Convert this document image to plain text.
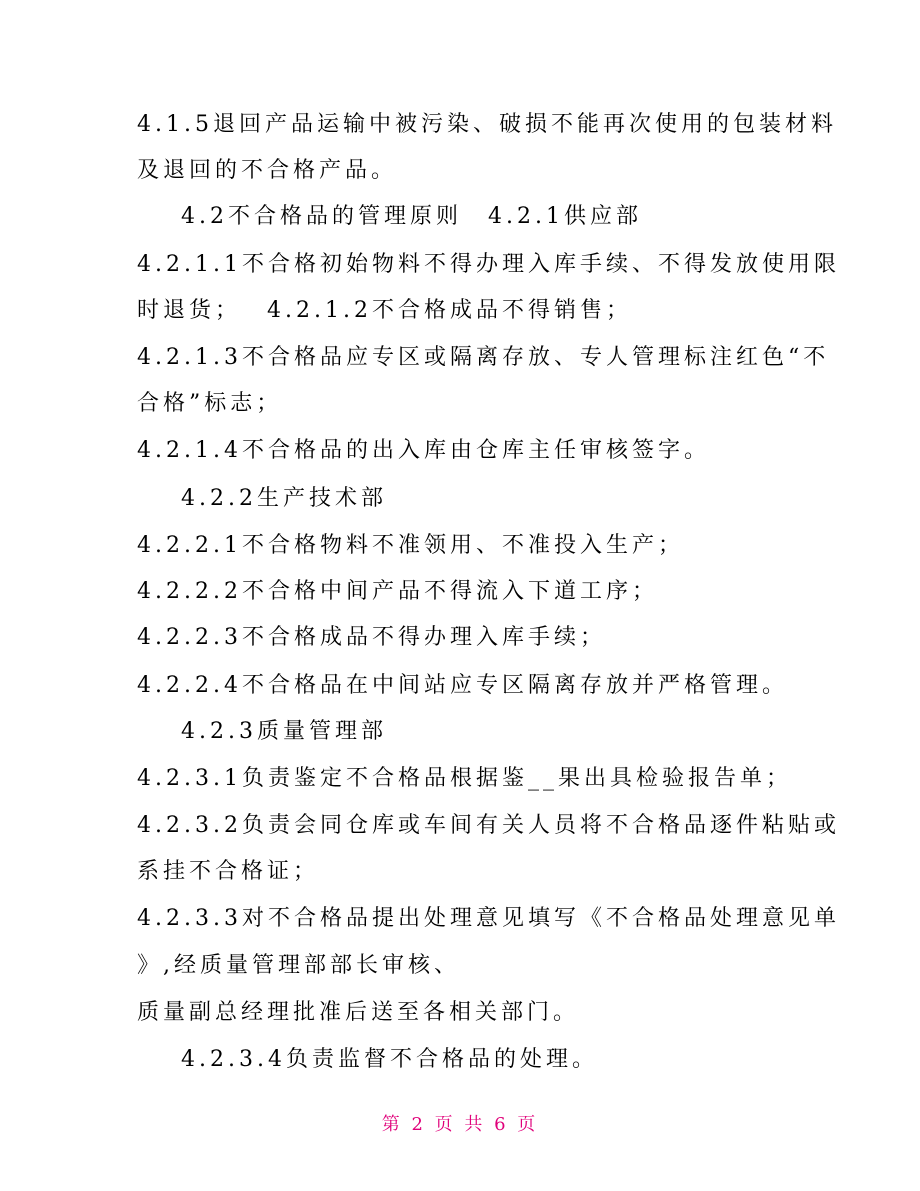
4.1.5退回产品运输中被污染、破损不能再次使用的包装材料
及退回的不合格产品。
4.2不合格品的管理原则　4.2.1供应部
4.2.1.1不合格初始物料不得办理入库手续、不得发放使用限
时退货；　 4.2.1.2不合格成品不得销售；
4.2.1.3不合格品应专区或隔离存放、专人管理标注红色“不
合格”标志；
4.2.1.4不合格品的出入库由仓库主任审核签字。
4.2.2生产技术部
4.2.2.1不合格物料不准领用、不准投入生产；
4.2.2.2不合格中间产品不得流入下道工序；
4.2.2.3不合格成品不得办理入库手续；
4.2.2.4不合格品在中间站应专区隔离存放并严格管理。
4.2.3质量管理部
4.2.3.1负责鉴定不合格品根据鉴__果出具检验报告单；
4.2.3.2负责会同仓库或车间有关人员将不合格品逐件粘贴或
系挂不合格证；
4.2.3.3对不合格品提出处理意见填写《不合格品处理意见单
》,经质量管理部部长审核、
质量副总经理批准后送至各相关部门。
4.2.3.4负责监督不合格品的处理。
第 2 页 共 6 页
